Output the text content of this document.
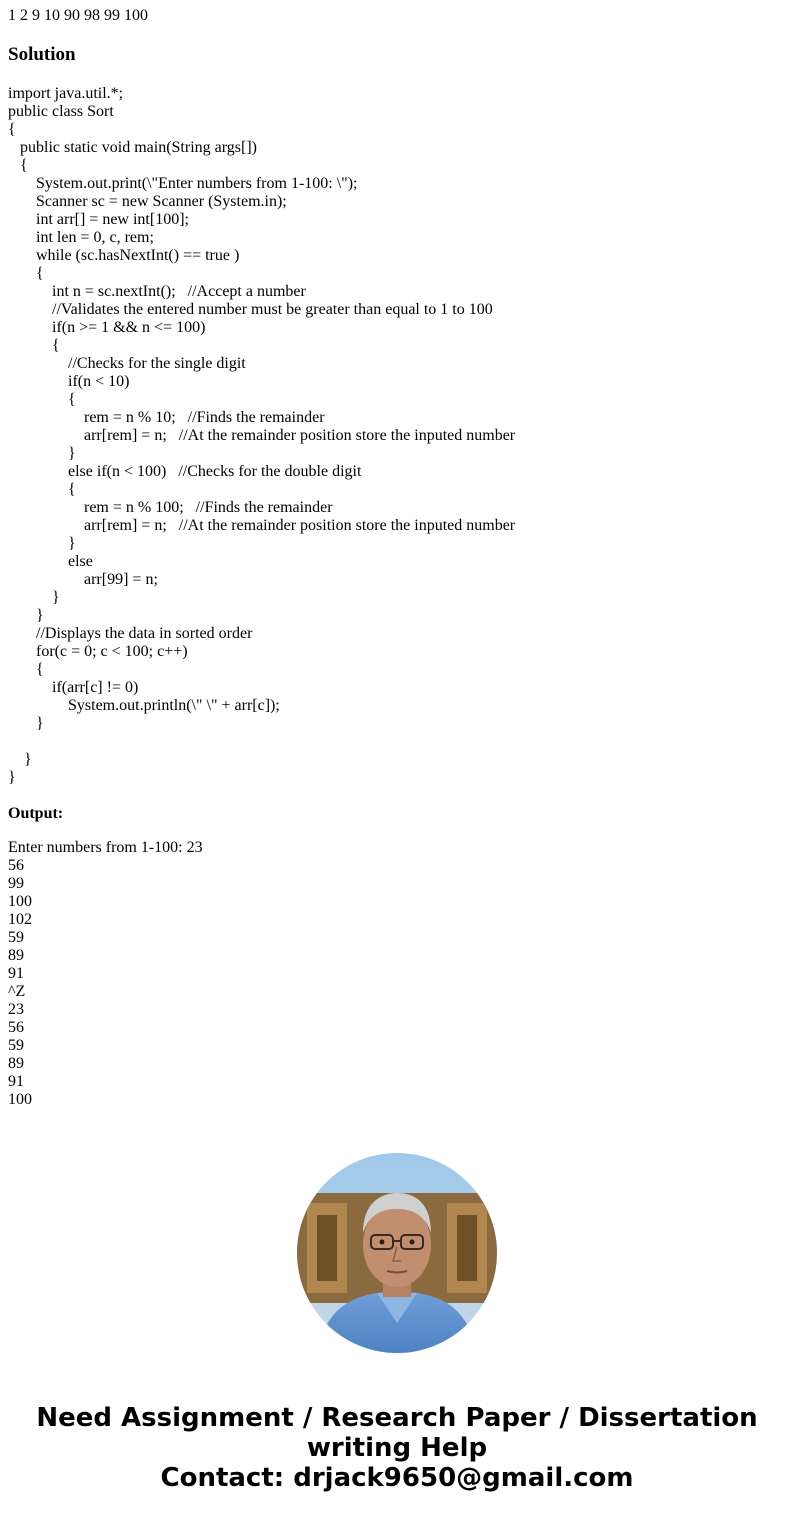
1 2 9 10 90 98 99 100

Solution
import java.util.*;
public class Sort
{
public static void main(String args[])
{
System.out.print(\"Enter numbers from 1-100: \");
Scanner sc = new Scanner (System.in);
int arr[] = new int[100];
int len = 0, c, rem;
while (sc.hasNextInt() == true )
{
int n = sc.nextInt();   //Accept a number
//Validates the entered number must be greater than equal to 1 to 100
if(n >= 1 && n <= 100)
{
//Checks for the single digit
if(n < 10)
{
rem = n % 10;   //Finds the remainder
arr[rem] = n;   //At the remainder position store the inputed number
}
else if(n < 100)   //Checks for the double digit
{
rem = n % 100;   //Finds the remainder
arr[rem] = n;   //At the remainder position store the inputed number
}
else
arr[99] = n;
}
}
//Displays the data in sorted order
for(c = 0; c < 100; c++)
{
if(arr[c] != 0)
System.out.println(\" \" + arr[c]);
}
}
}
Output:
Enter numbers from 1-100: 23
56
99
100
102
59
89
91
^Z
23
56
59
89
91
100
Need Assignment / Research Paper / Dissertation
writing Help
Contact: drjack9650@gmail.com
